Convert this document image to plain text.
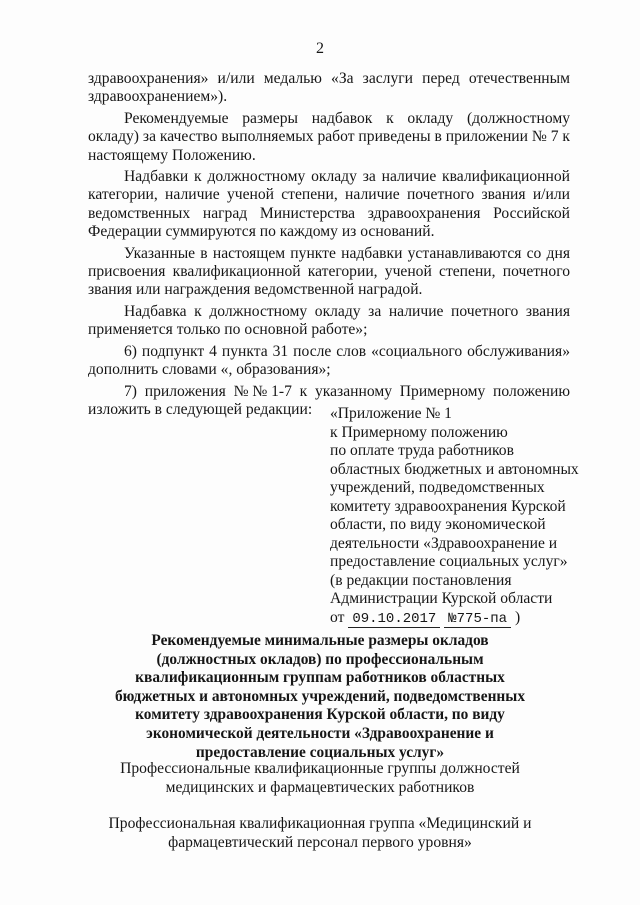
2

здравоохранения» и/или медалью «За заслуги перед отечественным здравоохранением»).

Рекомендуемые размеры надбавок к окладу (должностному окладу) за качество выполняемых работ приведены в приложении № 7 к настоящему Положению.

Надбавки к должностному окладу за наличие квалификационной категории, наличие ученой степени, наличие почетного звания и/или ведомственных наград Министерства здравоохранения Российской Федерации суммируются по каждому из оснований.

Указанные в настоящем пункте надбавки устанавливаются со дня присвоения квалификационной категории, ученой степени, почетного звания или награждения ведомственной наградой.

Надбавка к должностному окладу за наличие почетного звания применяется только по основной работе»;

6) подпункт 4 пункта 31 после слов «социального обслуживания» дополнить словами «, образования»;

7) приложения №№1-7 к указанному Примерному положению изложить в следующей редакции:	«Приложение № 1
к Примерному положению
по оплате труда работников
областных бюджетных и автономных
учреждений, подведомственных
комитету здравоохранения Курской
области, по виду экономической
деятельности «Здравоохранение и
предоставление социальных услуг»
(в редакции постановления
Администрации Курской области
от 09.10.2017 №775-па )
Рекомендуемые минимальные размеры окладов (должностных окладов) по профессиональным квалификационным группам работников областных бюджетных и автономных учреждений, подведомственных комитету здравоохранения Курской области, по виду экономической деятельности «Здравоохранение и предоставление социальных услуг»
Профессиональные квалификационные группы должностей медицинских и фармацевтических работников
Профессиональная квалификационная группа «Медицинский и фармацевтический персонал первого уровня»
